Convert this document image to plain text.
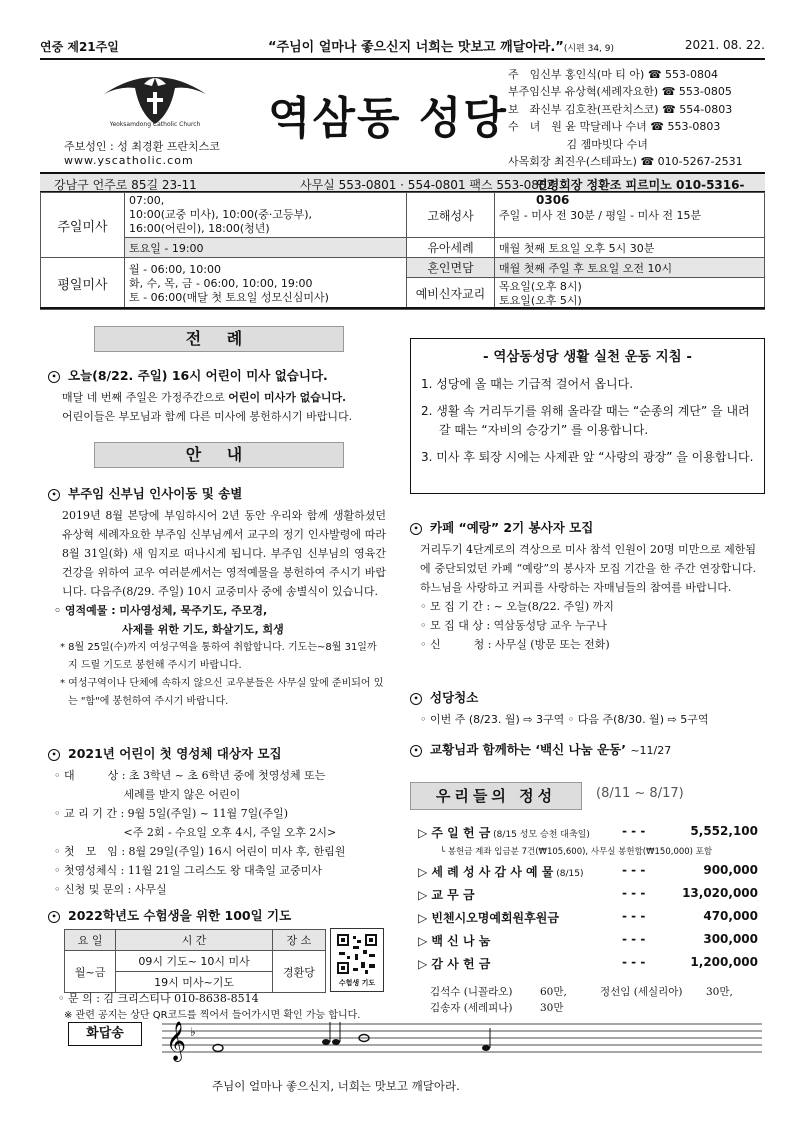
연중 제21주일	“주님이 얼마나 좋으신지 너희는 맛보고 깨달아라.”(시편 34, 9)	2021. 08. 22.
Yeoksamdong Catholic Church 역삼동 성당
주보성인 : 성 최경환 프란치스코
www.yscatholic.com
주　임신부 홍인식(마 티 아) ☎ 553-0804
부주임신부 유상혁(세례자요한) ☎ 553-0805
보　좌신부 김호찬(프란치스코) ☎ 554-0803
수　녀　원 윤 막달레나 수녀 ☎ 553-0803
　　　　　 김 젬마빗다 수녀
사목회장 최진우(스테파노) ☎ 010-5267-2531
강남구 언주로 85길 23-11	사무실 553-0801 · 554-0801 팩스 553-0802
연령회장 정환조 피르미노 010-5316-0306
주일미사	07:00,
10:00(교중 미사), 10:00(중·고등부),
16:00(어린이), 18:00(청년)	고해성사	주일 - 미사 전 30분 / 평일 - 미사 전 15분
	토요일 - 19:00	유아세례	매월 첫째 토요일 오후 5시 30분
평일미사	월 - 06:00, 10:00
화, 수, 목, 금 - 06:00, 10:00, 19:00
토 - 06:00(매달 첫 토요일 성모신심미사)	혼인면담	매월 첫째 주일 후 토요일 오전 10시
		예비신자교리	목요일(오후 8시)
토요일(오후 5시)
전 례
• 오늘(8/22. 주일) 16시 어린이 미사 없습니다.
매달 네 번째 주일은 가정주간으로 어린이 미사가 없습니다.
어린이들은 부모님과 함께 다른 미사에 봉헌하시기 바랍니다.
안 내
• 부주임 신부님 인사이동 및 송별
2019년 8월 본당에 부임하시어 2년 동안 우리와 함께 생활하셨던 유상혁 세례자요한 부주임 신부님께서 교구의 정기 인사발령에 따라 8월 31일(화) 새 임지로 떠나시게 됩니다. 부주임 신부님의 영육간 건강을 위하여 교우 여러분께서는 영적예물을 봉헌하여 주시기 바랍니다. 다음주(8/29. 주일) 10시 교중미사 중에 송별식이 있습니다.
◦ 영적예물 : 미사영성체, 묵주기도, 주모경,
사제를 위한 기도, 화살기도, 희생
* 8월 25일(수)까지 여성구역을 통하여 취합합니다. 기도는~8월 31일까지 드릴 기도로 봉헌해 주시기 바랍니다.
* 여성구역이나 단체에 속하지 않으신 교우분들은 사무실 앞에 준비되어 있는 "함"에 봉헌하여 주시기 바랍니다.
• 2021년 어린이 첫 영성체 대상자 모집
◦ 대　　　상 : 초 3학년 ~ 초 6학년 중에 첫영성체 또는
　　　　　　 세례를 받지 않은 어린이
◦ 교 리 기 간 : 9월 5일(주일) ~ 11월 7일(주일)
　　　　　　 <주 2회 - 수요일 오후 4시, 주일 오후 2시>
◦ 첫　모　임 : 8월 29일(주일) 16시 어린이 미사 후, 한림원
◦ 첫영성체식 : 11월 21일 그리스도 왕 대축일 교중미사
◦ 신청 및 문의 : 사무실
• 2022학년도 수험생을 위한 100일 기도
요 일	시 간	장 소
월~금	09시 기도~ 10시 미사	경환당
	19시 미사~기도		수험생 기도
◦ 문 의 : 김 크리스티나 010-8638-8514
※ 관련 공지는 상단 QR코드를 찍어서 들어가시면 확인 가능 합니다.
- 역삼동성당 생활 실천 운동 지침 -
1. 성당에 올 때는 기급적 걸어서 옵니다.
2. 생활 속 거리두기를 위해 올라갈 때는 “순종의 계단” 을 내려갈 때는 “자비의 승강기” 를 이용합니다.
3. 미사 후 퇴장 시에는 사제관 앞 “사랑의 광장” 을 이용합니다.
• 카페 “예랑” 2기 봉사자 모집
거리두기 4단계로의 격상으로 미사 참석 인원이 20명 미만으로 제한됨에 중단되었던 카페 “예랑”의 봉사자 모집 기간을 한 주간 연장합니다. 하느님을 사랑하고 커피를 사랑하는 자매님들의 참여를 바랍니다.
◦ 모 집 기 간 : ~ 오늘(8/22. 주일) 까지
◦ 모 집 대 상 : 역삼동성당 교우 누구나
◦ 신　　　청 : 사무실 (방문 또는 전화)
• 성당청소
◦ 이번 주 (8/23. 월) ⇨ 3구역 ◦ 다음 주(8/30. 월) ⇨ 5구역
• 교황님과 함께하는 ‘백신 나눔 운동’ ~11/27
우리들의 정성	(8/11 ~ 8/17)
▷ 주 일 헌 금 (8/15 성모 승천 대축일)	- - -	5,552,100
└ 봉헌금 계좌 입금분 7건(₩105,600), 사무실 봉헌함(₩150,000) 포함
▷ 세 례 성 사 감 사 예 물 (8/15)	- - -	900,000
▷ 교 무 금	- - -	13,020,000
▷ 빈첸시오명예회원후원금	- - -	470,000
▷ 백 신 나 눔	- - -	300,000
▷ 감 사 헌 금	- - -	1,200,000
김석수 (니꼴라오)	60만,	정선임 (세실리아) 30만,
김송자 (세레피나)	30만
𝄞 ♭
화답송
주님이 얼마나 좋으신지, 너희는 맛보고 깨달아라.
